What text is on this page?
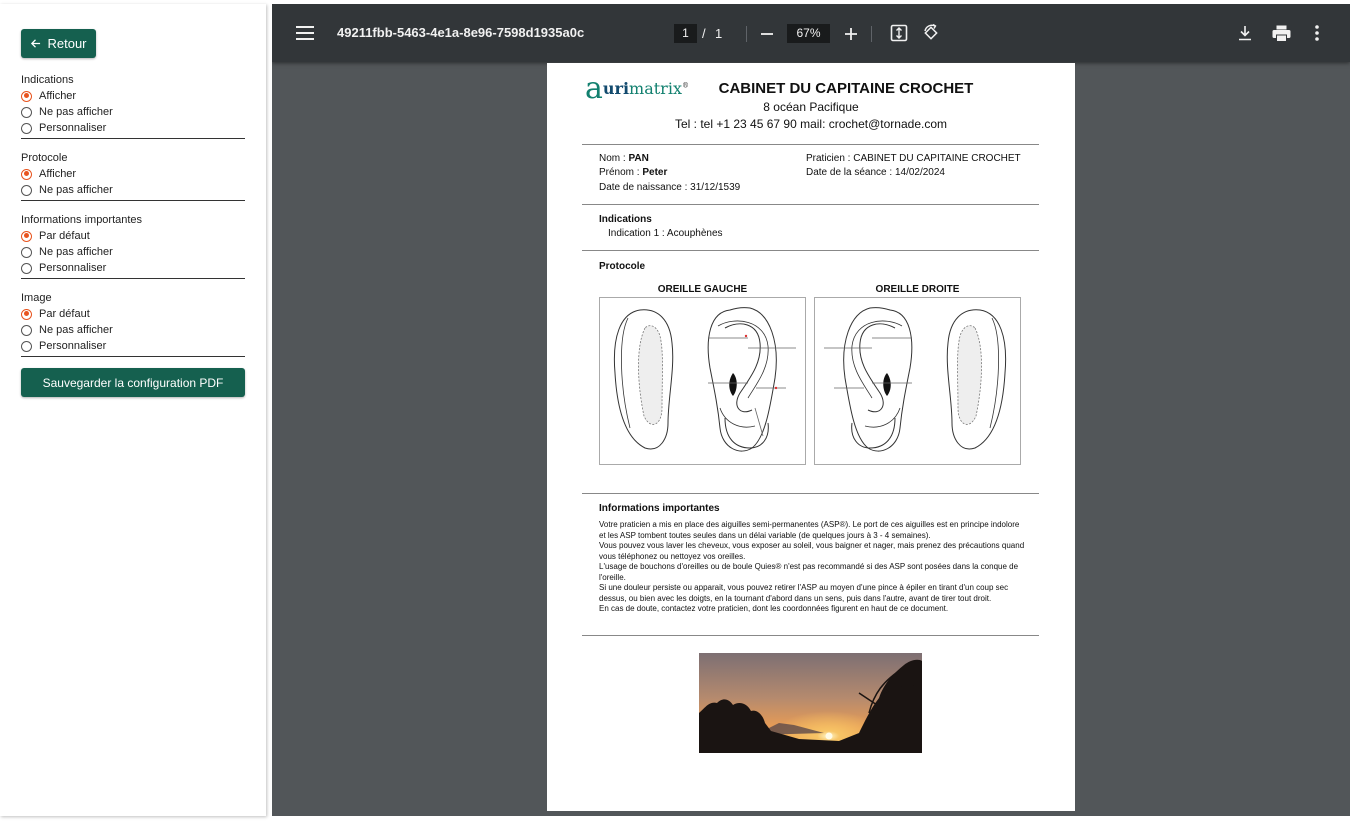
Retour
Indications
Afficher
Ne pas afficher
Personnaliser
Protocole
Afficher
Ne pas afficher
Informations importantes
Par défaut
Ne pas afficher
Personnaliser
Image
Par défaut
Ne pas afficher
Personnaliser
Sauvegarder la configuration PDF
49211fbb-5463-4e1a-8e96-7598d1935a0c	1	/ 1	67%
aurimatrix®	CABINET DU CAPITAINE CROCHET
8 océan Pacifique
Tel : tel +1 23 45 67 90 mail: crochet@tornade.com
Nom : PAN
Prénom : Peter
Date de naissance : 31/12/1539
Praticien : CABINET DU CAPITAINE CROCHET
Date de la séance : 14/02/2024
Indications
Indication 1 : Acouphènes
Protocole
OREILLE GAUCHE	OREILLE DROITE
Informations importantes

Votre praticien a mis en place des aiguilles semi-permanentes (ASP®). Le port de ces aiguilles est en principe indolore et les ASP tombent toutes seules dans un délai variable (de quelques jours à 3 - 4 semaines).

Vous pouvez vous laver les cheveux, vous exposer au soleil, vous baigner et nager, mais prenez des précautions quand vous téléphonez ou nettoyez vos oreilles.

L'usage de bouchons d'oreilles ou de boule Quies® n'est pas recommandé si des ASP sont posées dans la conque de l'oreille.

Si une douleur persiste ou apparait, vous pouvez retirer l'ASP au moyen d'une pince à épiler en tirant d'un coup sec dessus, ou bien avec les doigts, en la tournant d'abord dans un sens, puis dans l'autre, avant de tirer tout droit.

En cas de doute, contactez votre praticien, dont les coordonnées figurent en haut de ce document.
